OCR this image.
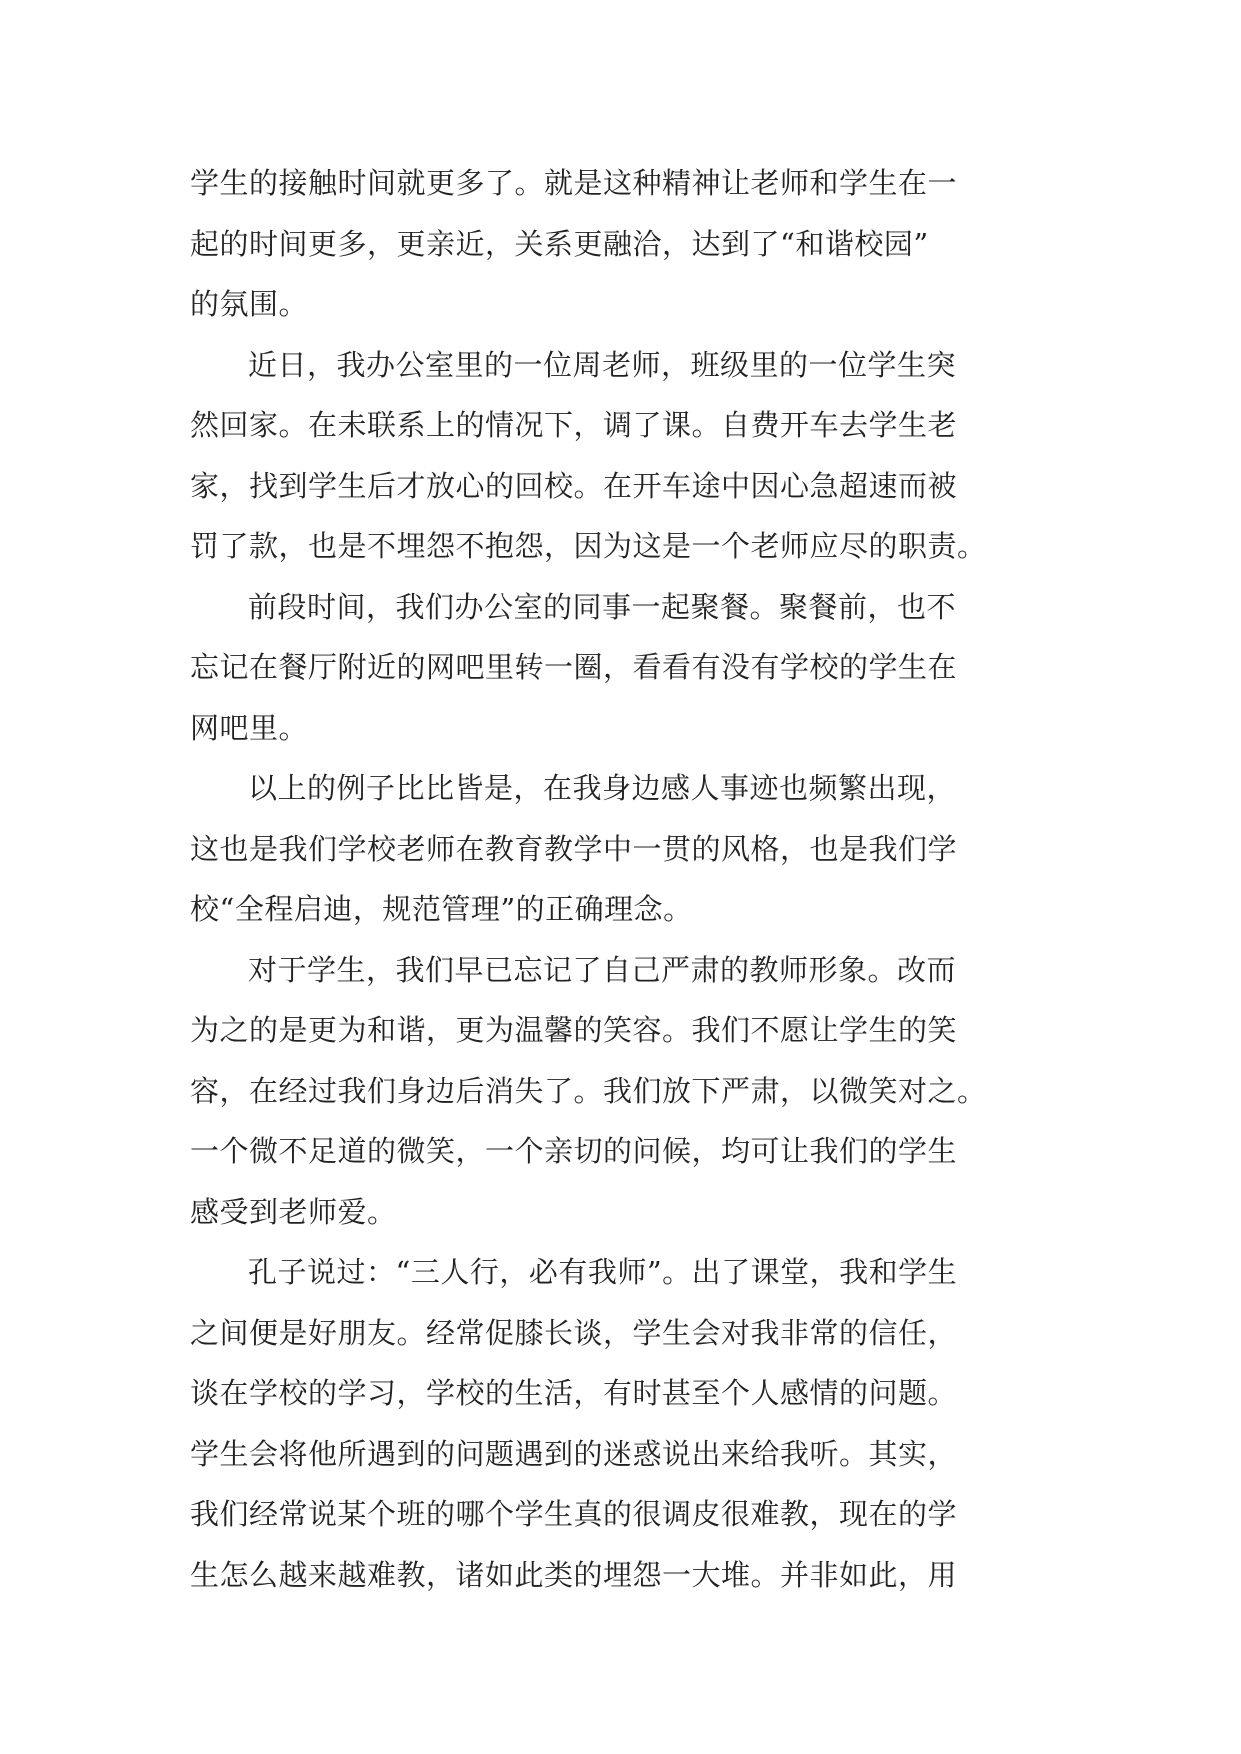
学生的接触时间就更多了。就是这种精神让老师和学生在一
起的时间更多，更亲近，关系更融洽，达到了“和谐校园”
的氛围。
近日，我办公室里的一位周老师，班级里的一位学生突
然回家。在未联系上的情况下，调了课。自费开车去学生老
家，找到学生后才放心的回校。在开车途中因心急超速而被
罚了款，也是不埋怨不抱怨，因为这是一个老师应尽的职责。
前段时间，我们办公室的同事一起聚餐。聚餐前，也不
忘记在餐厅附近的网吧里转一圈，看看有没有学校的学生在
网吧里。
以上的例子比比皆是，在我身边感人事迹也频繁出现，
这也是我们学校老师在教育教学中一贯的风格，也是我们学
校“全程启迪，规范管理”的正确理念。
对于学生，我们早已忘记了自己严肃的教师形象。改而
为之的是更为和谐，更为温馨的笑容。我们不愿让学生的笑
容，在经过我们身边后消失了。我们放下严肃，以微笑对之。
一个微不足道的微笑，一个亲切的问候，均可让我们的学生
感受到老师爱。
孔子说过：“三人行，必有我师”。出了课堂，我和学生
之间便是好朋友。经常促膝长谈，学生会对我非常的信任，
谈在学校的学习，学校的生活，有时甚至个人感情的问题。
学生会将他所遇到的问题遇到的迷惑说出来给我听。其实，
我们经常说某个班的哪个学生真的很调皮很难教，现在的学
生怎么越来越难教，诸如此类的埋怨一大堆。并非如此，用
